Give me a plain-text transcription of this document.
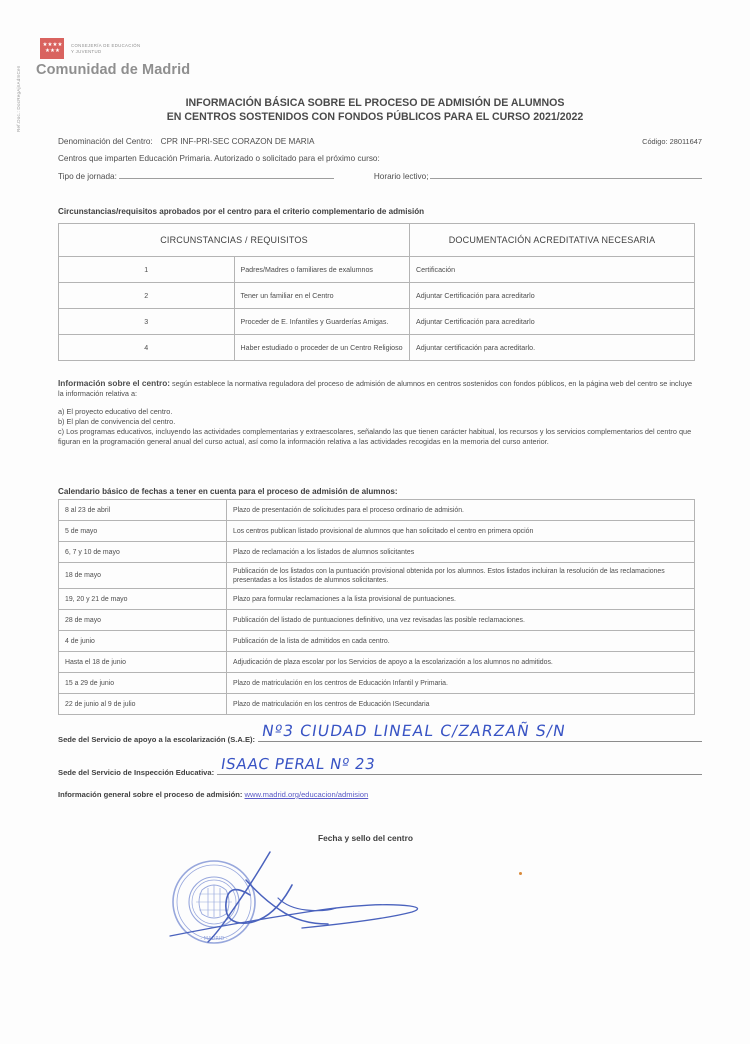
Ref.Doc.: DocRegAjnAdmCen
★ ★ ★ ★
★ ★ ★
CONSEJERÍA DE EDUCACIÓN
Y JUVENTUD
Comunidad de Madrid
INFORMACIÓN BÁSICA SOBRE EL PROCESO DE ADMISIÓN DE ALUMNOS
EN CENTROS SOSTENIDOS CON FONDOS PÚBLICOS PARA EL CURSO 2021/2022
Denominación del Centro: CPR INF-PRI-SEC CORAZON DE MARIA	Código: 28011647
Centros que imparten Educación Primaria. Autorizado o solicitado para el próximo curso:
Tipo de jornada:	Horario lectivo;
Circunstancias/requisitos aprobados por el centro para el criterio complementario de admisión
CIRCUNSTANCIAS / REQUISITOS		DOCUMENTACIÓN ACREDITATIVA NECESARIA
1	Padres/Madres o familiares de exalumnos	Certificación
2	Tener un familiar en el Centro	Adjuntar Certificación para acreditarlo
3	Proceder de E. Infantiles y Guarderías Amigas.	Adjuntar Certificación para acreditarlo
4	Haber estudiado o proceder de un Centro Religioso	Adjuntar certificación para acreditarlo.

Información sobre el centro: según establece la normativa reguladora del proceso de admisión de alumnos en centros sostenidos con fondos públicos, en la página web del centro se incluye la información relativa a:

a) El proyecto educativo del centro.

b) El plan de convivencia del centro.

c) Los programas educativos, incluyendo las actividades complementarias y extraescolares, señalando las que tienen carácter habitual, los recursos y los servicios complementarios del centro que figuran en la programación general anual del curso actual, así como la información relativa a las actividades recogidas en la memoria del curso anterior.

Calendario básico de fechas a tener en cuenta para el proceso de admisión de alumnos:
8 al 23 de abril	Plazo de presentación de solicitudes para el proceso ordinario de admisión.
5 de mayo	Los centros publican listado provisional de alumnos que han solicitado el centro en primera opción
6, 7 y 10 de mayo	Plazo de reclamación a los listados de alumnos solicitantes
18 de mayo	Publicación de los listados con la puntuación provisional obtenida por los alumnos. Estos listados incluiran la resolución de las reclamaciones presentadas a los listados de alumnos solicitantes.
19, 20 y 21 de mayo	Plazo para formular reclamaciones a la lista provisional de puntuaciones.
28 de mayo	Publicación del listado de puntuaciones definitivo, una vez revisadas las posible reclamaciones.
4 de junio	Publicación de la lista de admitidos en cada centro.
Hasta el 18 de junio	Adjudicación de plaza escolar por los Servicios de apoyo a la escolarización a los alumnos no admitidos.
15 a 29 de junio	Plazo de matriculación en los centros de Educación Infantil y Primaria.
22 de junio al 9 de julio	Plazo de matriculación en los centros de Educación ISecundaria
Sede del Servicio de apoyo a la escolarización (S.A.E): Nº3 CIUDAD LINEAL C/ZARZAÑ S/N
Sede del Servicio de Inspección Educativa: ISAAC PERAL Nº 23
Información general sobre el proceso de admisión: www.madrid.org/educacion/admision
Fecha y sello del centro
- MADRID -
